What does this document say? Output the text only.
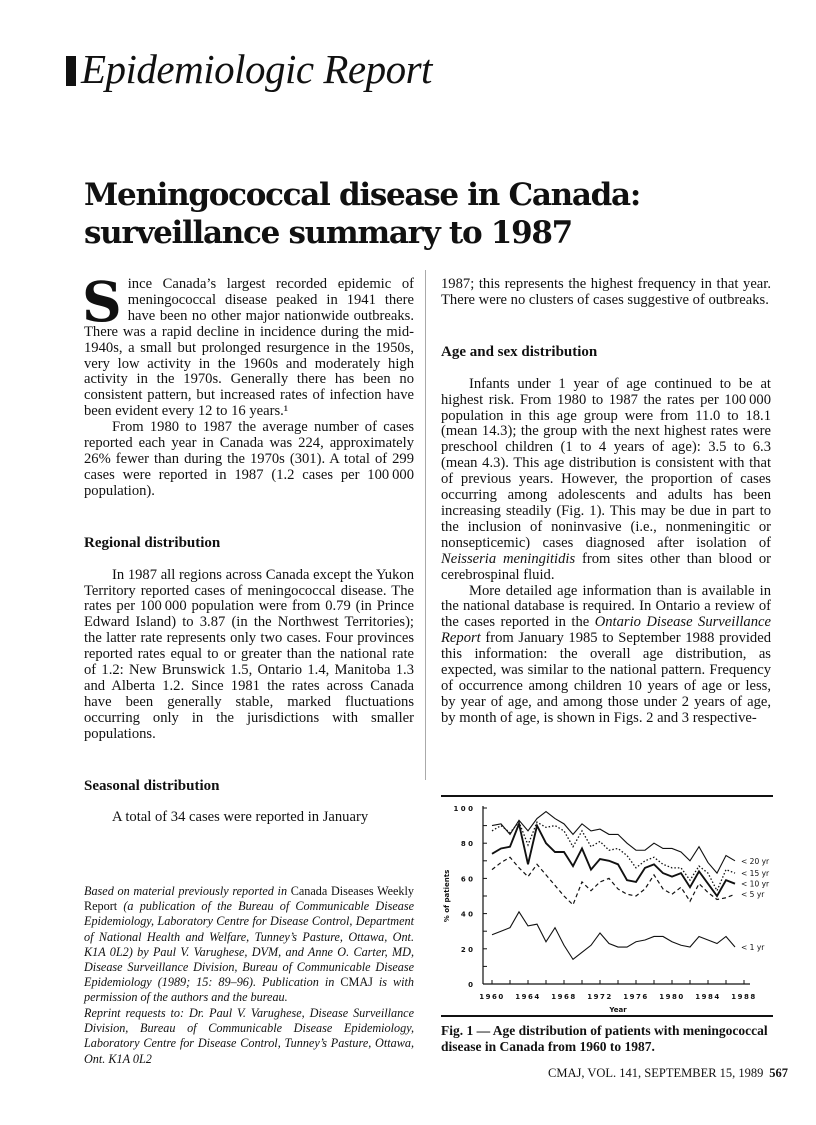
Epidemiologic Report
Meningococcal disease in Canada:
surveillance summary to 1987

Since Canada’s largest recorded epidemic of meningococcal disease peaked in 1941 there have been no other major nationwide outbreaks. There was a rapid decline in incidence during the mid-1940s, a small but prolonged resurgence in the 1950s, very low activity in the 1960s and moderately high activity in the 1970s. Generally there has been no consistent pattern, but increased rates of infection have been evident every 12 to 16 years.¹

From 1980 to 1987 the average number of cases reported each year in Canada was 224, approximately 26% fewer than during the 1970s (301). A total of 299 cases were reported in 1987 (1.2 cases per 100 000 population).

Regional distribution

In 1987 all regions across Canada except the Yukon Territory reported cases of meningococcal disease. The rates per 100 000 population were from 0.79 (in Prince Edward Island) to 3.87 (in the Northwest Territories); the latter rate represents only two cases. Four provinces reported rates equal to or greater than the national rate of 1.2: New Brunswick 1.5, Ontario 1.4, Manitoba 1.3 and Alberta 1.2. Since 1981 the rates across Canada have been generally stable, marked fluctuations occurring only in the jurisdictions with smaller populations.

Seasonal distribution

A total of 34 cases were reported in January

Based on material previously reported in Canada Diseases Weekly Report (a publication of the Bureau of Communicable Disease Epidemiology, Laboratory Centre for Disease Control, Department of National Health and Welfare, Tunney’s Pasture, Ottawa, Ont. K1A 0L2) by Paul V. Varughese, DVM, and Anne O. Carter, MD, Disease Surveillance Division, Bureau of Communicable Disease Epidemiology (1989; 15: 89–96). Publication in CMAJ is with permission of the authors and the bureau.
Reprint requests to: Dr. Paul V. Varughese, Disease Surveillance Division, Bureau of Communicable Disease Epidemiology, Laboratory Centre for Disease Control, Tunney’s Pasture, Ottawa, Ont. K1A 0L2

1987; this represents the highest frequency in that year. There were no clusters of cases suggestive of outbreaks.

Age and sex distribution

Infants under 1 year of age continued to be at highest risk. From 1980 to 1987 the rates per 100 000 population in this age group were from 11.0 to 18.1 (mean 14.3); the group with the next highest rates were preschool children (1 to 4 years of age): 3.5 to 6.3 (mean 4.3). This age distribution is consistent with that of previous years. However, the proportion of cases occurring among adolescents and adults has been increasing steadily (Fig. 1). This may be due in part to the inclusion of noninvasive (i.e., nonmeningitic or nonsepticemic) cases diagnosed after isolation of Neisseria meningitidis from sites other than blood or cerebrospinal fluid.

More detailed age information than is available in the national database is required. In Ontario a review of the cases reported in the Ontario Disease Surveillance Report from January 1985 to September 1988 provided this information: the overall age distribution, as expected, was similar to the national pattern. Frequency of occurrence among children 10 years of age or less, by year of age, and among those under 2 years of age, by month of age, is shown in Figs. 2 and 3 respective-

0
2 0
4 0
6 0
8 0
1 0 0
1960 1964 1968 1972 1976 1980 1984 1988
Year
% of patients
< 20 yr
< 15 yr
< 10 yr
< 5 yr
< 1 yr
Fig. 1 — Age distribution of patients with meningococcal disease in Canada from 1960 to 1987.
CMAJ, VOL. 141, SEPTEMBER 15, 1989 567
